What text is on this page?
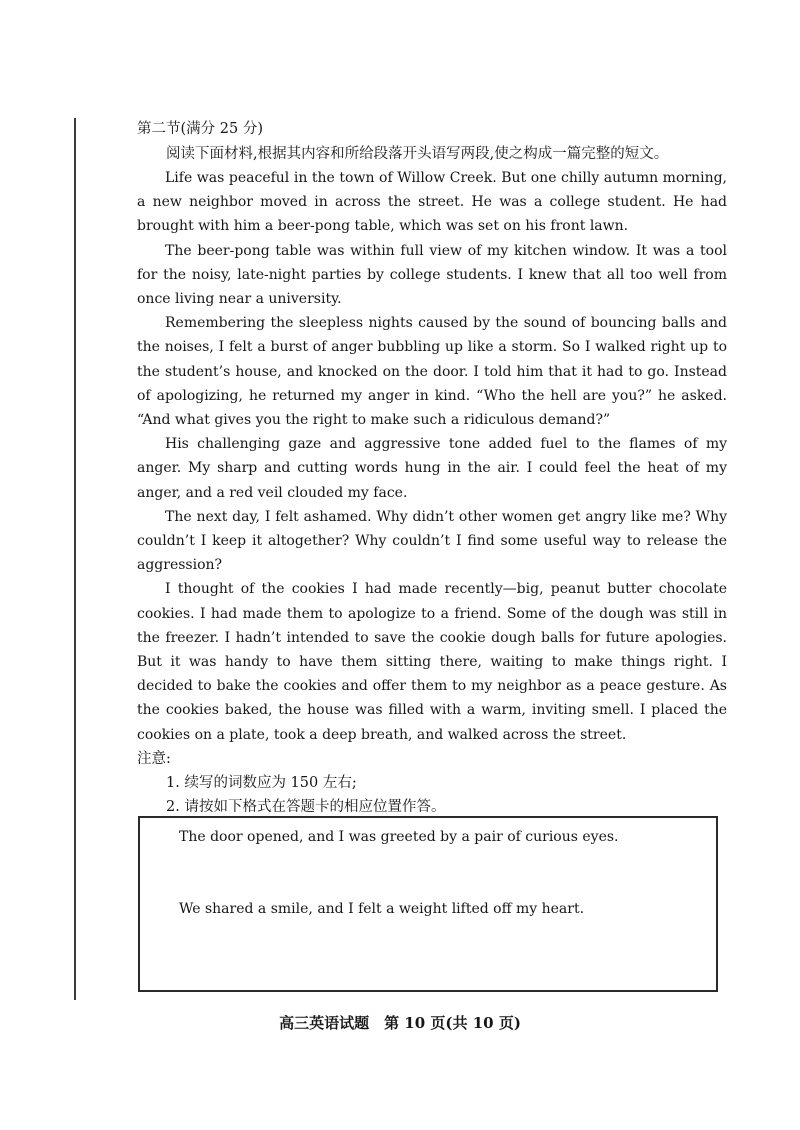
第二节(满分 25 分)

阅读下面材料,根据其内容和所给段落开头语写两段,使之构成一篇完整的短文。

Life was peaceful in the town of Willow Creek. But one chilly autumn morning, a new neighbor moved in across the street. He was a college student. He had brought with him a beer-pong table, which was set on his front lawn.

The beer-pong table was within full view of my kitchen window. It was a tool for the noisy, late-night parties by college students. I knew that all too well from once living near a university.

Remembering the sleepless nights caused by the sound of bouncing balls and the noises, I felt a burst of anger bubbling up like a storm. So I walked right up to the student’s house, and knocked on the door. I told him that it had to go. Instead of apologizing, he returned my anger in kind. “Who the hell are you?” he asked. “And what gives you the right to make such a ridiculous demand?”

His challenging gaze and aggressive tone added fuel to the flames of my anger. My sharp and cutting words hung in the air. I could feel the heat of my anger, and a red veil clouded my face.

The next day, I felt ashamed. Why didn’t other women get angry like me? Why couldn’t I keep it altogether? Why couldn’t I find some useful way to release the aggression?

I thought of the cookies I had made recently—big, peanut butter chocolate cookies. I had made them to apologize to a friend. Some of the dough was still in the freezer. I hadn’t intended to save the cookie dough balls for future apologies. But it was handy to have them sitting there, waiting to make things right. I decided to bake the cookies and offer them to my neighbor as a peace gesture. As the cookies baked, the house was filled with a warm, inviting smell. I placed the cookies on a plate, took a deep breath, and walked across the street.

注意:

1. 续写的词数应为 150 左右;

2. 请按如下格式在答题卡的相应位置作答。

The door opened, and I was greeted by a pair of curious eyes.
We shared a smile, and I felt a weight lifted off my heart.
高三英语试题　第 10 页(共 10 页)
